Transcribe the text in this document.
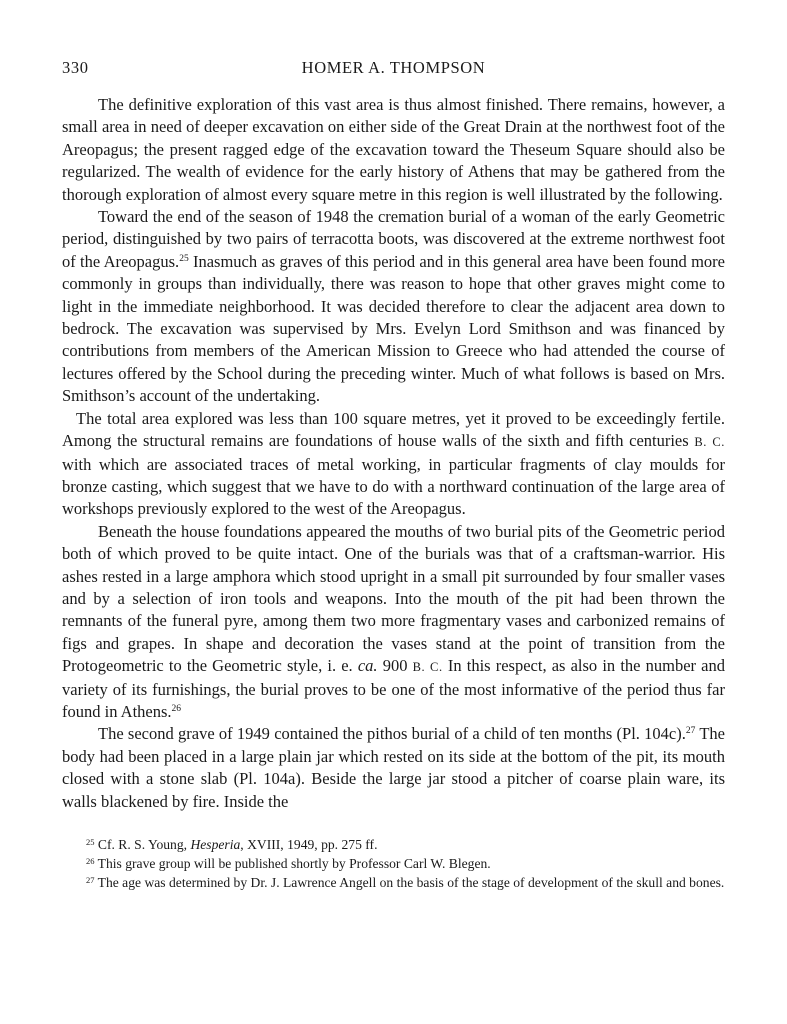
330	HOMER A. THOMPSON

The definitive exploration of this vast area is thus almost finished. There remains, however, a small area in need of deeper excavation on either side of the Great Drain at the northwest foot of the Areopagus; the present ragged edge of the excavation toward the Theseum Square should also be regularized. The wealth of evidence for the early history of Athens that may be gathered from the thorough exploration of almost every square metre in this region is well illustrated by the following.

Toward the end of the season of 1948 the cremation burial of a woman of the early Geometric period, distinguished by two pairs of terracotta boots, was discovered at the extreme northwest foot of the Areopagus.$^{25}$ Inasmuch as graves of this period and in this general area have been found more commonly in groups than individually, there was reason to hope that other graves might come to light in the immediate neighborhood. It was decided therefore to clear the adjacent area down to bedrock. The excavation was supervised by Mrs. Evelyn Lord Smithson and was financed by contributions from members of the American Mission to Greece who had attended the course of lectures offered by the School during the preceding winter. Much of what follows is based on Mrs. Smithson’s account of the undertaking.

The total area explored was less than 100 square metres, yet it proved to be exceedingly fertile. Among the structural remains are foundations of house walls of the sixth and fifth centuries B. C. with which are associated traces of metal working, in particular fragments of clay moulds for bronze casting, which suggest that we have to do with a northward continuation of the large area of workshops previously explored to the west of the Areopagus.

Beneath the house foundations appeared the mouths of two burial pits of the Geometric period both of which proved to be quite intact. One of the burials was that of a craftsman-warrior. His ashes rested in a large amphora which stood upright in a small pit surrounded by four smaller vases and by a selection of iron tools and weapons. Into the mouth of the pit had been thrown the remnants of the funeral pyre, among them two more fragmentary vases and carbonized remains of figs and grapes. In shape and decoration the vases stand at the point of transition from the Protogeometric to the Geometric style, i. e. ca. 900 B. C. In this respect, as also in the number and variety of its furnishings, the burial proves to be one of the most informative of the period thus far found in Athens.$^{26}$

The second grave of 1949 contained the pithos burial of a child of ten months (Pl. 104c).$^{27}$ The body had been placed in a large plain jar which rested on its side at the bottom of the pit, its mouth closed with a stone slab (Pl. 104a). Beside the large jar stood a pitcher of coarse plain ware, its walls blackened by fire. Inside the

$^{25}$ Cf. R. S. Young, Hesperia, XVIII, 1949, pp. 275 ff.

$^{26}$ This grave group will be published shortly by Professor Carl W. Blegen.

$^{27}$ The age was determined by Dr. J. Lawrence Angell on the basis of the stage of development of the skull and bones.
